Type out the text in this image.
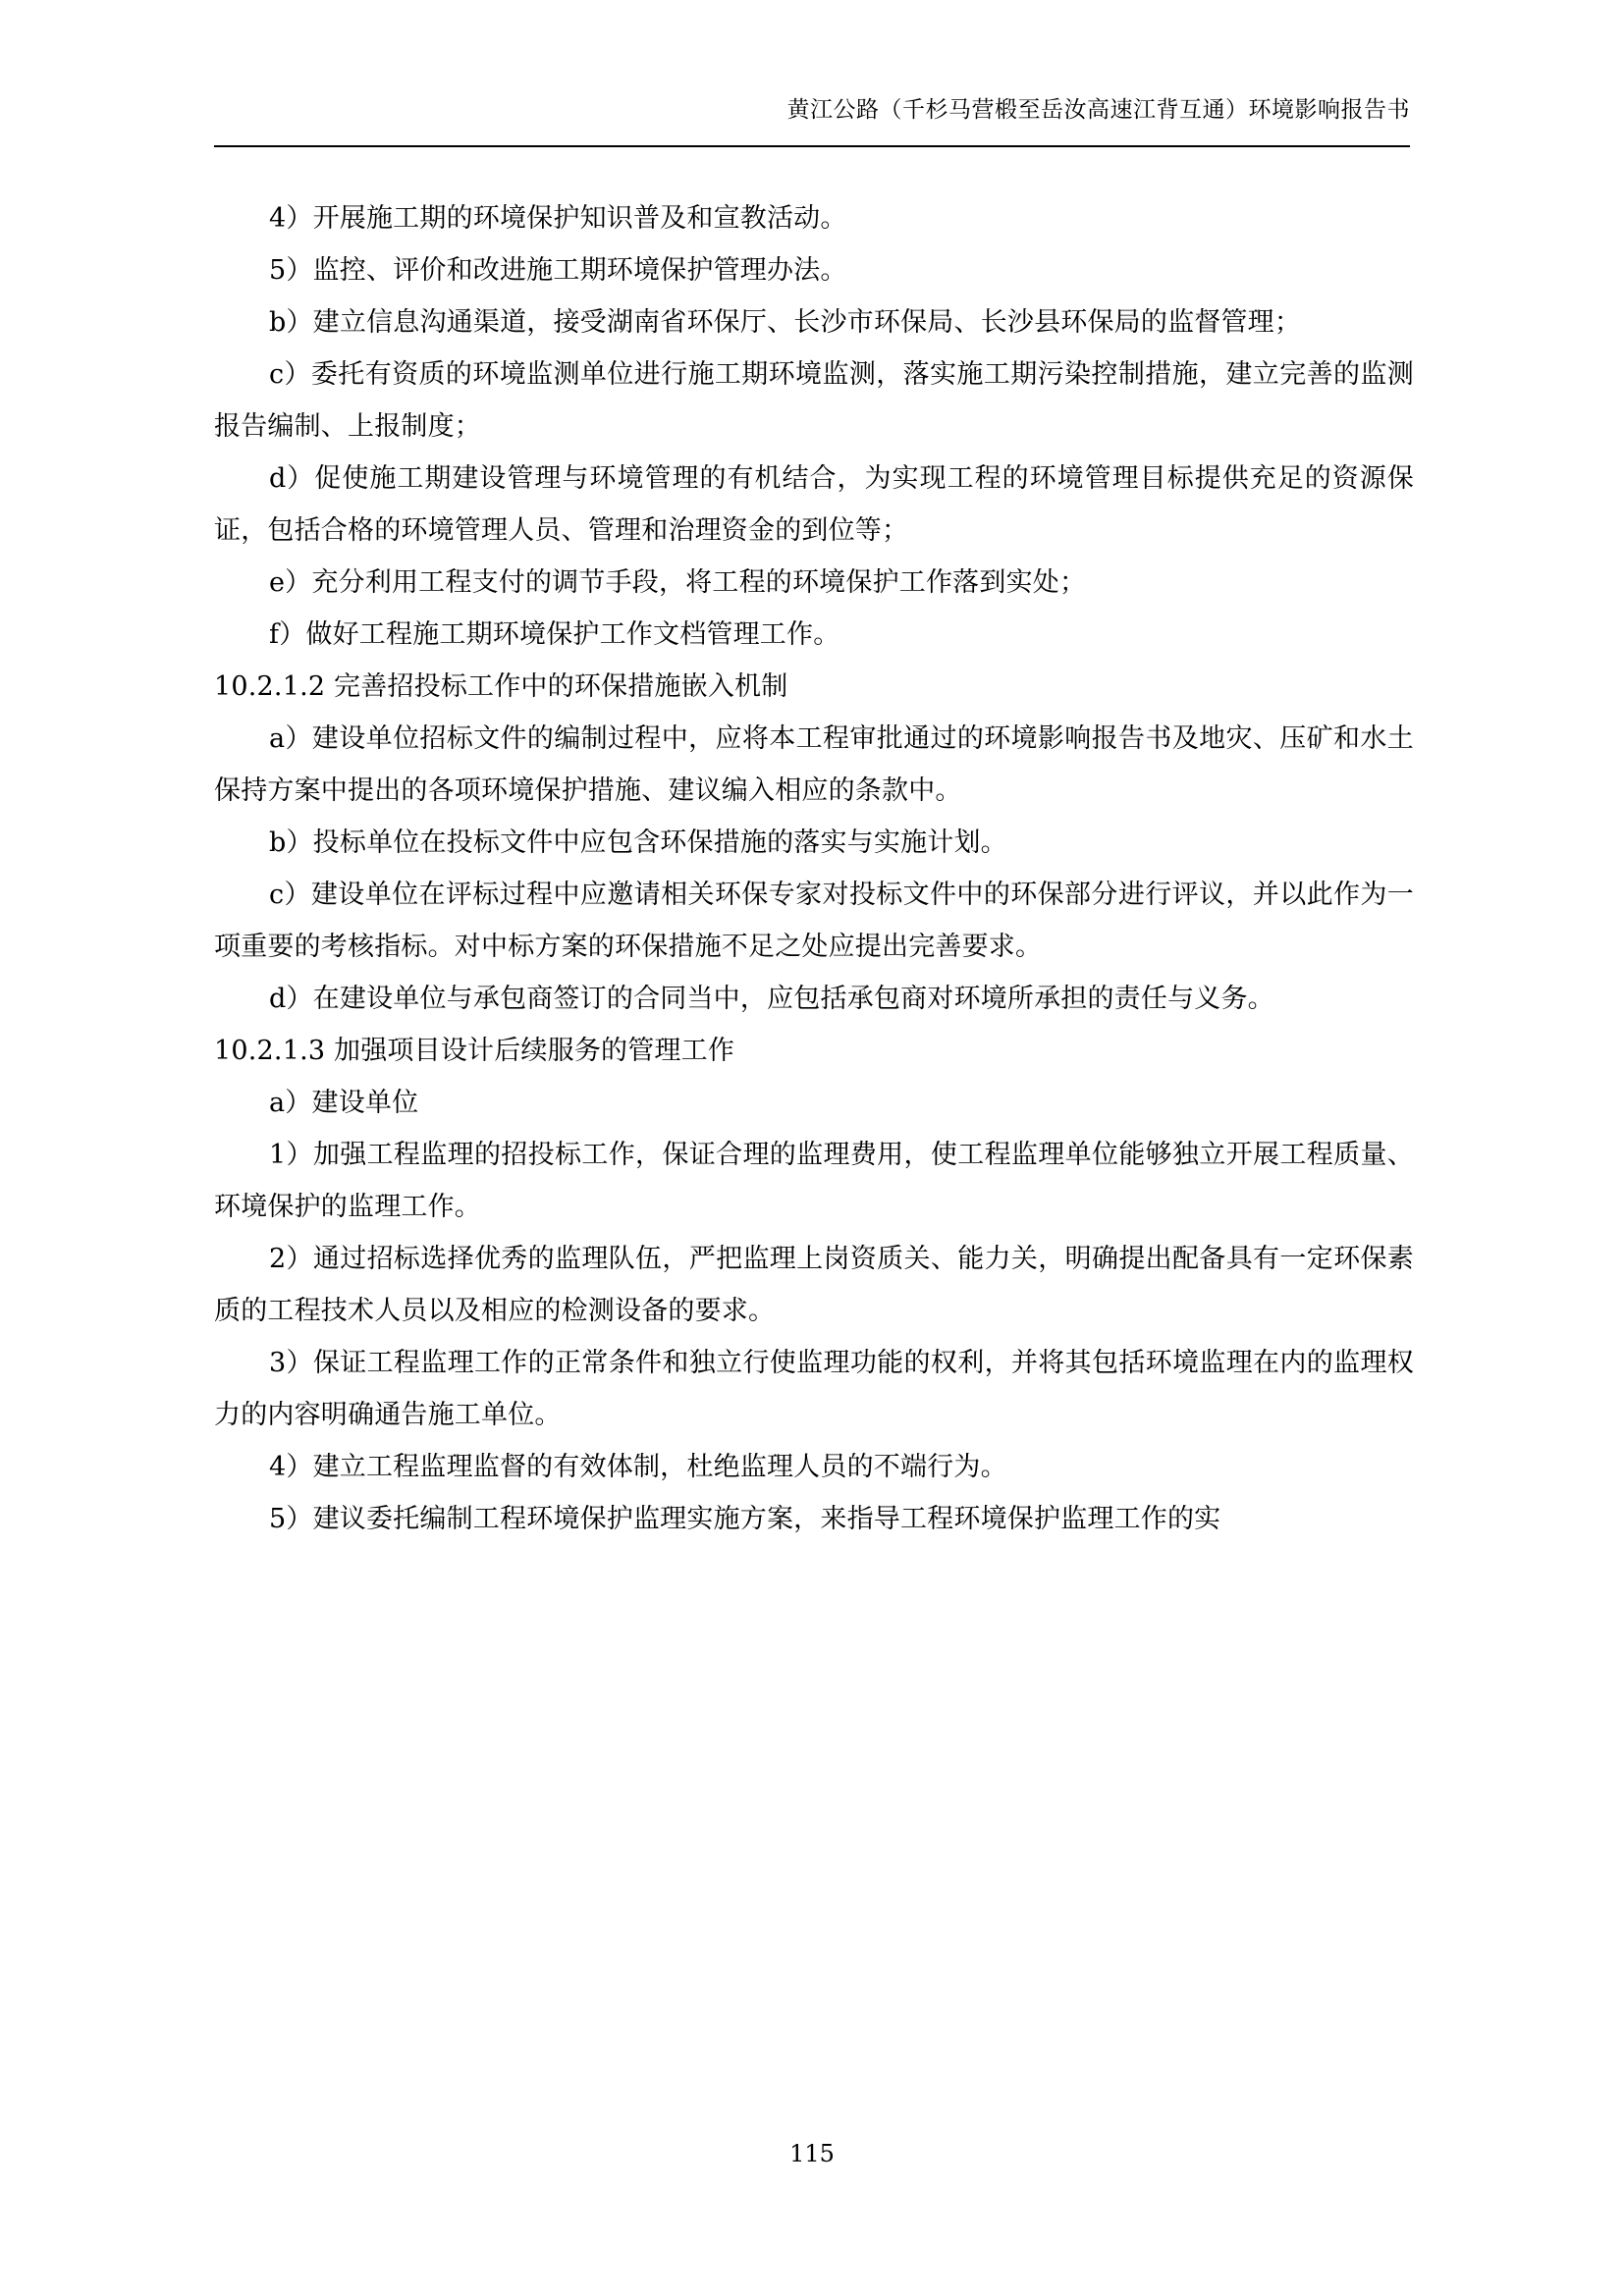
黄江公路（千杉马营椴至岳汝高速江背互通）环境影响报告书

4）开展施工期的环境保护知识普及和宣教活动。

5）监控、评价和改进施工期环境保护管理办法。

b）建立信息沟通渠道，接受湖南省环保厅、长沙市环保局、长沙县环保局的监督管理；

c）委托有资质的环境监测单位进行施工期环境监测，落实施工期污染控制措施，建立完善的监测报告编制、上报制度；

d）促使施工期建设管理与环境管理的有机结合，为实现工程的环境管理目标提供充足的资源保证，包括合格的环境管理人员、管理和治理资金的到位等；

e）充分利用工程支付的调节手段，将工程的环境保护工作落到实处；

f）做好工程施工期环境保护工作文档管理工作。

10.2.1.2 完善招投标工作中的环保措施嵌入机制

a）建设单位招标文件的编制过程中，应将本工程审批通过的环境影响报告书及地灾、压矿和水土保持方案中提出的各项环境保护措施、建议编入相应的条款中。

b）投标单位在投标文件中应包含环保措施的落实与实施计划。

c）建设单位在评标过程中应邀请相关环保专家对投标文件中的环保部分进行评议，并以此作为一项重要的考核指标。对中标方案的环保措施不足之处应提出完善要求。

d）在建设单位与承包商签订的合同当中，应包括承包商对环境所承担的责任与义务。

10.2.1.3 加强项目设计后续服务的管理工作

a）建设单位

1）加强工程监理的招投标工作，保证合理的监理费用，使工程监理单位能够独立开展工程质量、环境保护的监理工作。

2）通过招标选择优秀的监理队伍，严把监理上岗资质关、能力关，明确提出配备具有一定环保素质的工程技术人员以及相应的检测设备的要求。

3）保证工程监理工作的正常条件和独立行使监理功能的权利，并将其包括环境监理在内的监理权力的内容明确通告施工单位。

4）建立工程监理监督的有效体制，杜绝监理人员的不端行为。

5）建议委托编制工程环境保护监理实施方案，来指导工程环境保护监理工作的实

115
